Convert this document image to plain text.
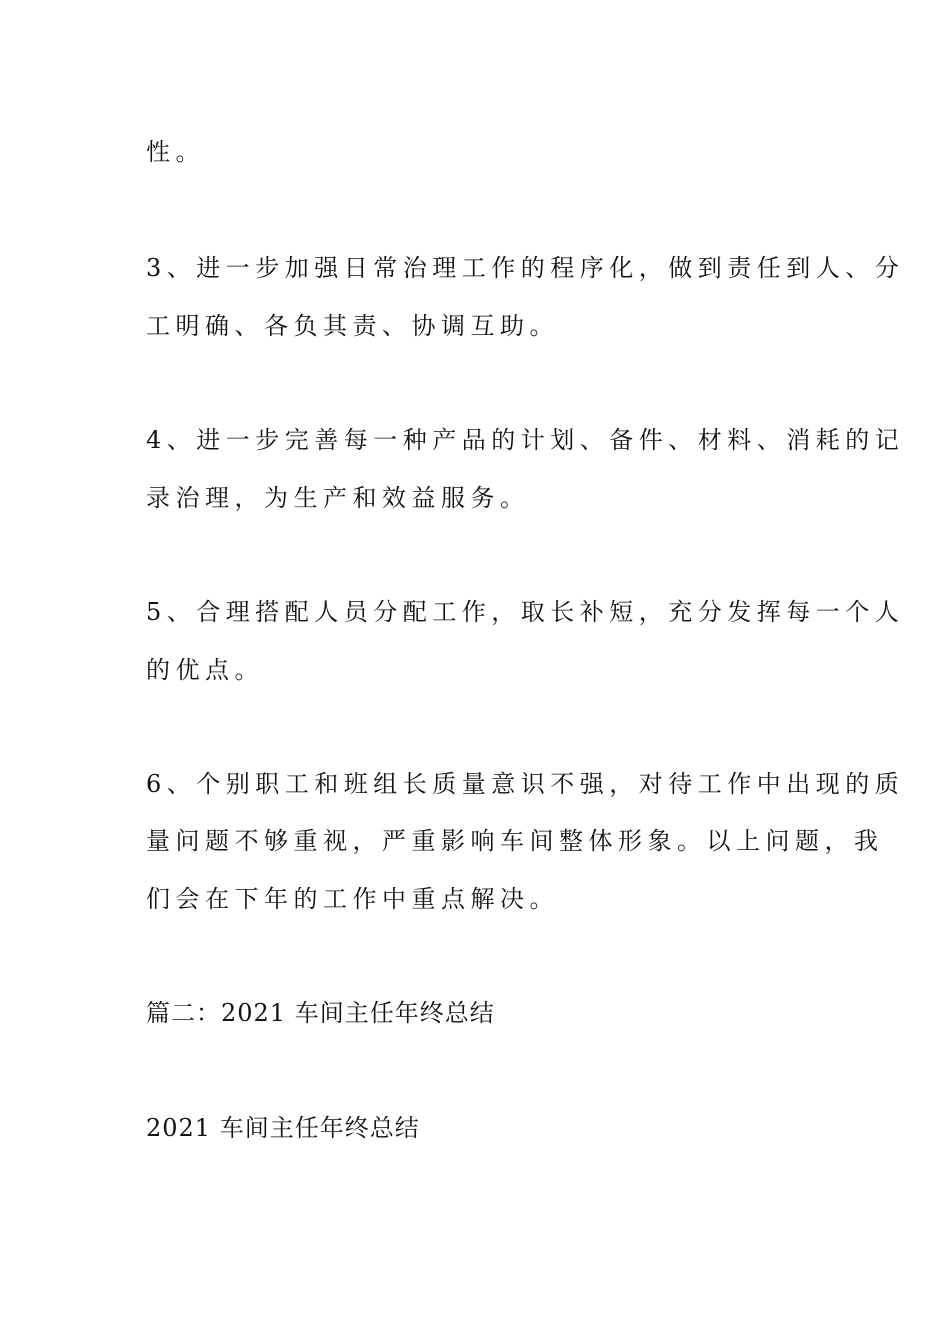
性。

3、进一步加强日常治理工作的程序化，做到责任到人、分

工明确、各负其责、协调互助。

4、进一步完善每一种产品的计划、备件、材料、消耗的记

录治理，为生产和效益服务。

5、合理搭配人员分配工作，取长补短，充分发挥每一个人

的优点。

6、个别职工和班组长质量意识不强，对待工作中出现的质

量问题不够重视，严重影响车间整体形象。以上问题，我

们会在下年的工作中重点解决。

篇二：2021 车间主任年终总结

2021 车间主任年终总结
